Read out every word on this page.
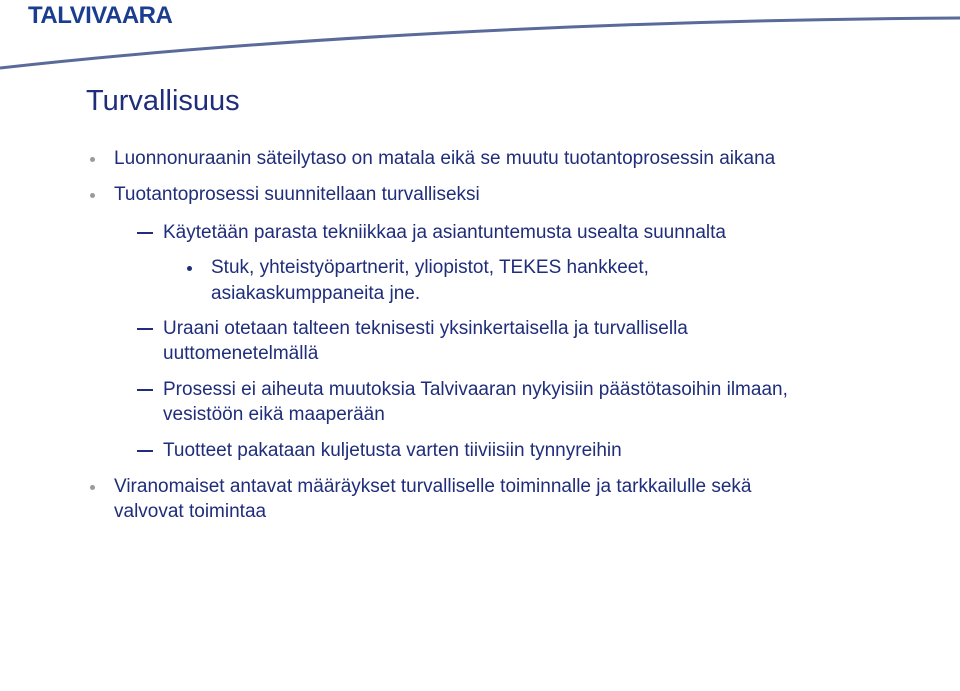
TALVIVAARA
Turvallisuus
Luonnonuraanin säteilytaso on matala eikä se muutu tuotantoprosessin aikana
Tuotantoprosessi suunnitellaan turvalliseksi
Käytetään parasta tekniikkaa ja asiantuntemusta usealta suunnalta
Stuk, yhteistyöpartnerit, yliopistot, TEKES hankkeet,
asiakaskumppaneita jne.
Uraani otetaan talteen teknisesti yksinkertaisella ja turvallisella
uuttomenetelmällä
Prosessi ei aiheuta muutoksia Talvivaaran nykyisiin päästötasoihin ilmaan,
vesistöön eikä maaperään
Tuotteet pakataan kuljetusta varten tiiviisiin tynnyreihin
Viranomaiset antavat määräykset turvalliselle toiminnalle ja tarkkailulle sekä
valvovat toimintaa
